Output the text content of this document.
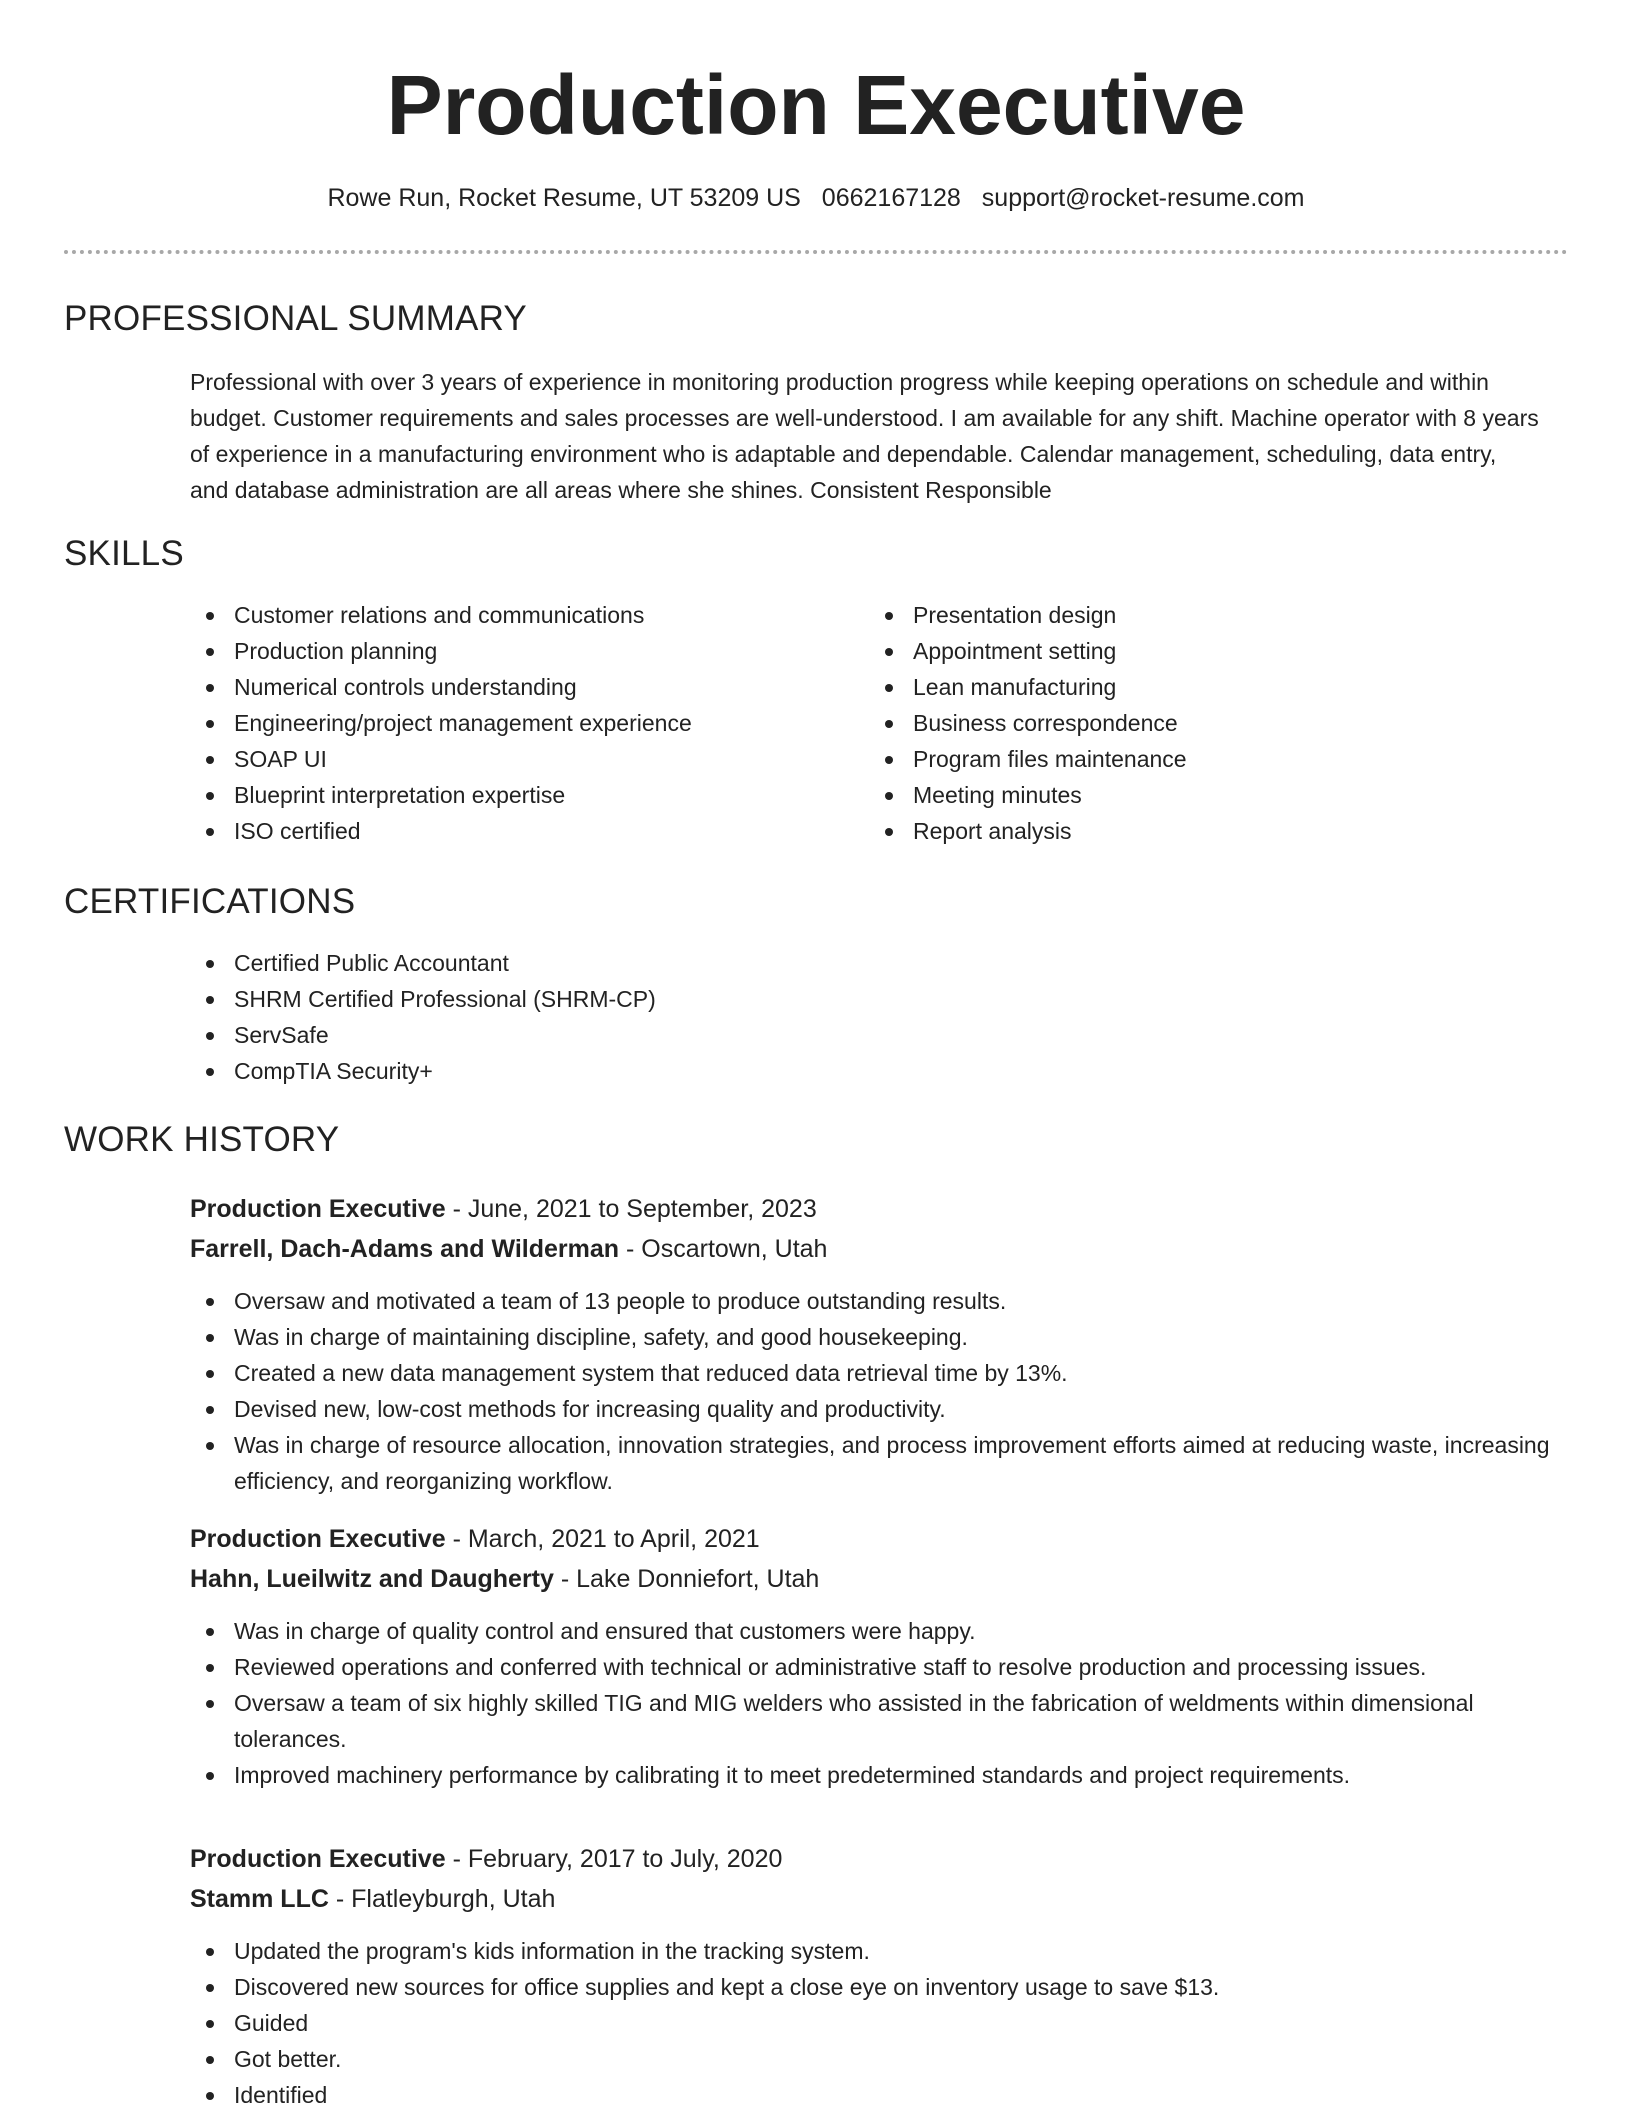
Production Executive
Rowe Run, Rocket Resume, UT 53209 US 0662167128 support@rocket-resume.com
PROFESSIONAL SUMMARY

Professional with over 3 years of experience in monitoring production progress while keeping operations on schedule and within budget. Customer requirements and sales processes are well-understood. I am available for any shift. Machine operator with 8 years of experience in a manufacturing environment who is adaptable and dependable. Calendar management, scheduling, data entry, and database administration are all areas where she shines. Consistent Responsible

SKILLS
Customer relations and communications
Production planning
Numerical controls understanding
Engineering/project management experience
SOAP UI
Blueprint interpretation expertise
ISO certified
Presentation design
Appointment setting
Lean manufacturing
Business correspondence
Program files maintenance
Meeting minutes
Report analysis
CERTIFICATIONS
Certified Public Accountant
SHRM Certified Professional (SHRM-CP)
ServSafe
CompTIA Security+
WORK HISTORY
Production Executive - June, 2021 to September, 2023
Farrell, Dach-Adams and Wilderman - Oscartown, Utah
Oversaw and motivated a team of 13 people to produce outstanding results.
Was in charge of maintaining discipline, safety, and good housekeeping.
Created a new data management system that reduced data retrieval time by 13%.
Devised new, low-cost methods for increasing quality and productivity.
Was in charge of resource allocation, innovation strategies, and process improvement efforts aimed at reducing waste, increasing efficiency, and reorganizing workflow.
Production Executive - March, 2021 to April, 2021
Hahn, Lueilwitz and Daugherty - Lake Donniefort, Utah
Was in charge of quality control and ensured that customers were happy.
Reviewed operations and conferred with technical or administrative staff to resolve production and processing issues.
Oversaw a team of six highly skilled TIG and MIG welders who assisted in the fabrication of weldments within dimensional tolerances.
Improved machinery performance by calibrating it to meet predetermined standards and project requirements.
Production Executive - February, 2017 to July, 2020
Stamm LLC - Flatleyburgh, Utah
Updated the program's kids information in the tracking system.
Discovered new sources for office supplies and kept a close eye on inventory usage to save $13.
Guided
Got better.
Identified
